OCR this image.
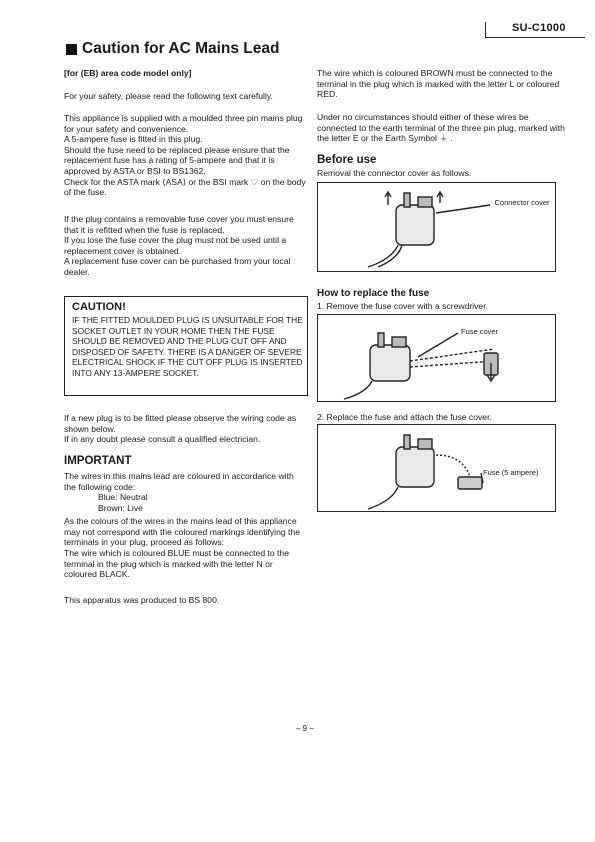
SU-C1000
Caution for AC Mains Lead
[for (EB) area code model only]
For your safety, please read the following text carefully.
This appliance is supplied with a moulded three pin mains plug for your safety and convenience.
A 5-ampere fuse is fitted in this plug.
Should the fuse need to be replaced please ensure that the replacement fuse has a rating of 5-ampere and that it is approved by ASTA or BSI to BS1362.
Check for the ASTA mark ⟨ASA⟩ or the BSI mark ♡ on the body of the fuse.
If the plug contains a removable fuse cover you must ensure that it is refitted when the fuse is replaced.
If you lose the fuse cover the plug must not be used until a replacement cover is obtained.
A replacement fuse cover can be purchased from your local dealer.
CAUTION!
IF THE FITTED MOULDED PLUG IS UNSUITABLE FOR THE SOCKET OUTLET IN YOUR HOME THEN THE FUSE SHOULD BE REMOVED AND THE PLUG CUT OFF AND DISPOSED OF SAFETY. THERE IS A DANGER OF SEVERE ELECTRICAL SHOCK IF THE CUT OFF PLUG IS INSERTED INTO ANY 13-AMPERE SOCKET.
If a new plug is to be fitted please observe the wiring code as shown below.
If in any doubt please consult a qualified electrician.
IMPORTANT
The wires in this mains lead are coloured in accordance with the following code:
Blue: Neutral
Brown: Live
As the colours of the wires in the mains lead of this appliance may not correspond with the coloured markings identifying the terminals in your plug, proceed as follows:
The wire which is coloured BLUE must be connected to the terminal in the plug which is marked with the letter N or coloured BLACK.
This apparatus was produced to BS 800.
The wire which is coloured BROWN must be connected to the terminal in the plug which is marked with the letter L or coloured RED.
Under no circumstances should either of these wires be connected to the earth terminal of the three pin plug, marked with the letter E or the Earth Symbol ⏚ .
Before use
Removal the connector cover as follows.
Connector cover
How to replace the fuse
1. Remove the fuse cover with a screwdriver.
Fuse cover
2. Replace the fuse and attach the fuse cover.
Fuse (5 ampere)
– 9 –
